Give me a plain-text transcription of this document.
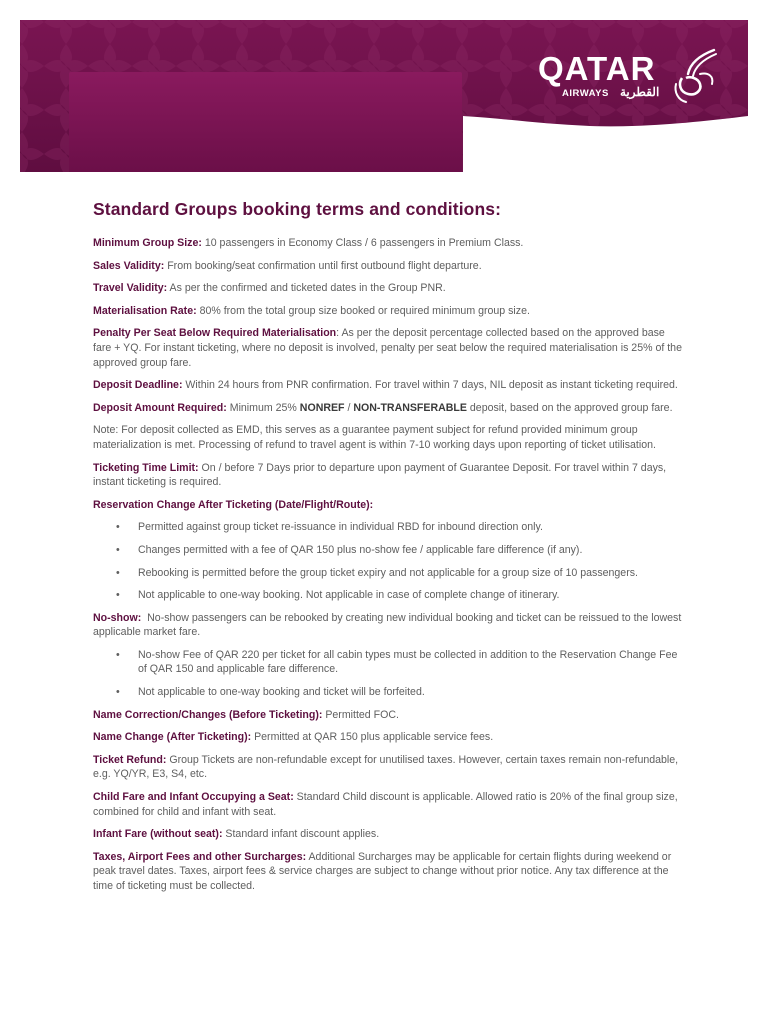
QATAR
AIRWAYS القطرية
Standard Groups booking terms and conditions:

Minimum Group Size: 10 passengers in Economy Class / 6 passengers in Premium Class.

Sales Validity: From booking/seat confirmation until first outbound flight departure.

Travel Validity: As per the confirmed and ticketed dates in the Group PNR.

Materialisation Rate: 80% from the total group size booked or required minimum group size.

Penalty Per Seat Below Required Materialisation: As per the deposit percentage collected based on the approved base fare + YQ. For instant ticketing, where no deposit is involved, penalty per seat below the required materialisation is 25% of the approved group fare.

Deposit Deadline: Within 24 hours from PNR confirmation. For travel within 7 days, NIL deposit as instant ticketing required.

Deposit Amount Required: Minimum 25% NONREF / NON-TRANSFERABLE deposit, based on the approved group fare.

Note: For deposit collected as EMD, this serves as a guarantee payment subject for refund provided minimum group materialization is met. Processing of refund to travel agent is within 7-10 working days upon reporting of ticket utilisation.

Ticketing Time Limit: On / before 7 Days prior to departure upon payment of Guarantee Deposit. For travel within 7 days, instant ticketing is required.

Reservation Change After Ticketing (Date/Flight/Route):

• Permitted against group ticket re-issuance in individual RBD for inbound direction only.
• Changes permitted with a fee of QAR 150 plus no-show fee / applicable fare difference (if any).
• Rebooking is permitted before the group ticket expiry and not applicable for a group size of 10 passengers.
• Not applicable to one-way booking. Not applicable in case of complete change of itinerary.

No-show:  No-show passengers can be rebooked by creating new individual booking and ticket can be reissued to the lowest applicable market fare.

• No-show Fee of QAR 220 per ticket for all cabin types must be collected in addition to the Reservation Change Fee of QAR 150 and applicable fare difference.
• Not applicable to one-way booking and ticket will be forfeited.

Name Correction/Changes (Before Ticketing): Permitted FOC.

Name Change (After Ticketing): Permitted at QAR 150 plus applicable service fees.

Ticket Refund: Group Tickets are non-refundable except for unutilised taxes. However, certain taxes remain non-refundable, e.g. YQ/YR, E3, S4, etc.

Child Fare and Infant Occupying a Seat: Standard Child discount is applicable. Allowed ratio is 20% of the final group size, combined for child and infant with seat.

Infant Fare (without seat): Standard infant discount applies.

Taxes, Airport Fees and other Surcharges: Additional Surcharges may be applicable for certain flights during weekend or peak travel dates. Taxes, airport fees & service charges are subject to change without prior notice. Any tax difference at the time of ticketing must be collected.
